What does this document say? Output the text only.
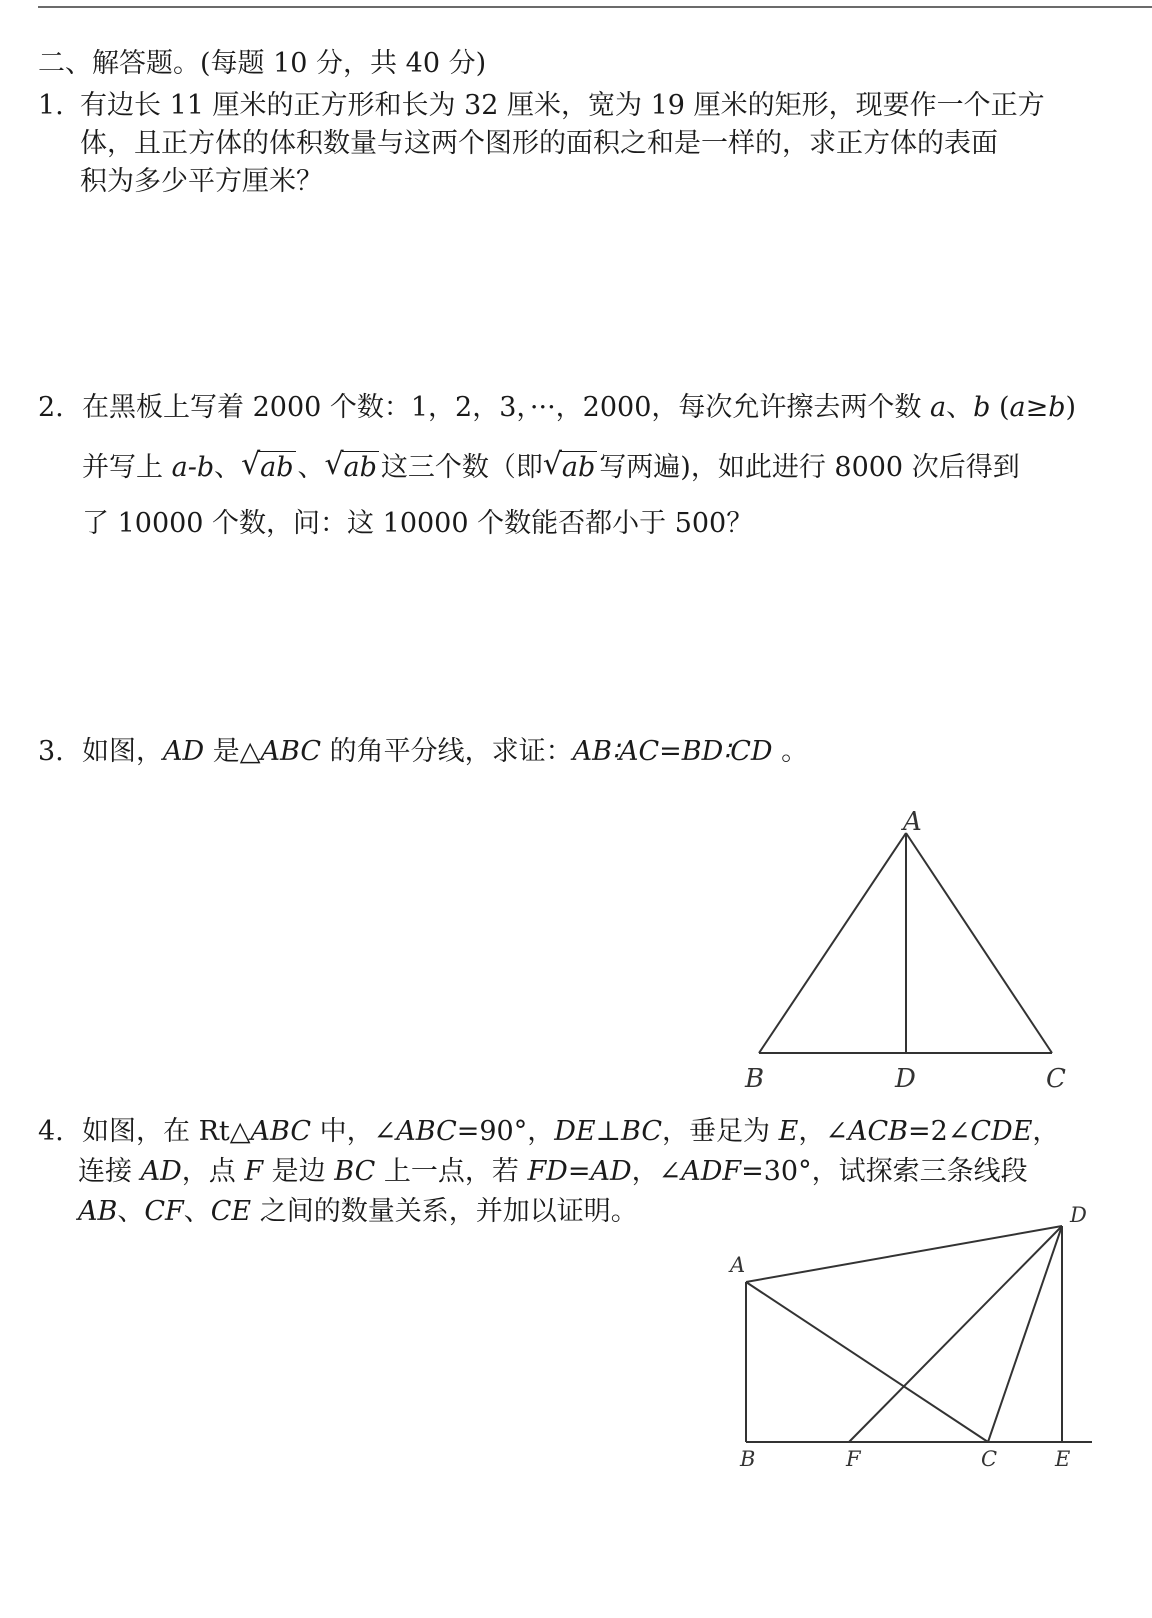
二、解答题。(每题 10 分，共 40 分)
1. 有边长 11 厘米的正方形和长为 32 厘米，宽为 19 厘米的矩形，现要作一个正方
体，且正方体的体积数量与这两个图形的面积之和是一样的，求正方体的表面
积为多少平方厘米？
2. 在黑板上写着 2000 个数：1，2，3，···，2000，每次允许擦去两个数 a、b (a≥b)
并写上 a-b、 √ ab 、 √ ab 这三个数（即 √ ab 写两遍)，如此进行 8000 次后得到
了 10000 个数，问：这 10000 个数能否都小于 500？
3. 如图，AD 是△ABC 的角平分线，求证：AB∶AC=BD∶CD 。
A
B	D	C
4. 如图，在 Rt△ABC 中，∠ABC=90°，DE⊥BC，垂足为 E，∠ACB=2∠CDE，
连接 AD，点 F 是边 BC 上一点，若 FD=AD，∠ADF=30°，试探索三条线段
AB、CF、CE 之间的数量关系，并加以证明。
A
D
B	F	C	E
